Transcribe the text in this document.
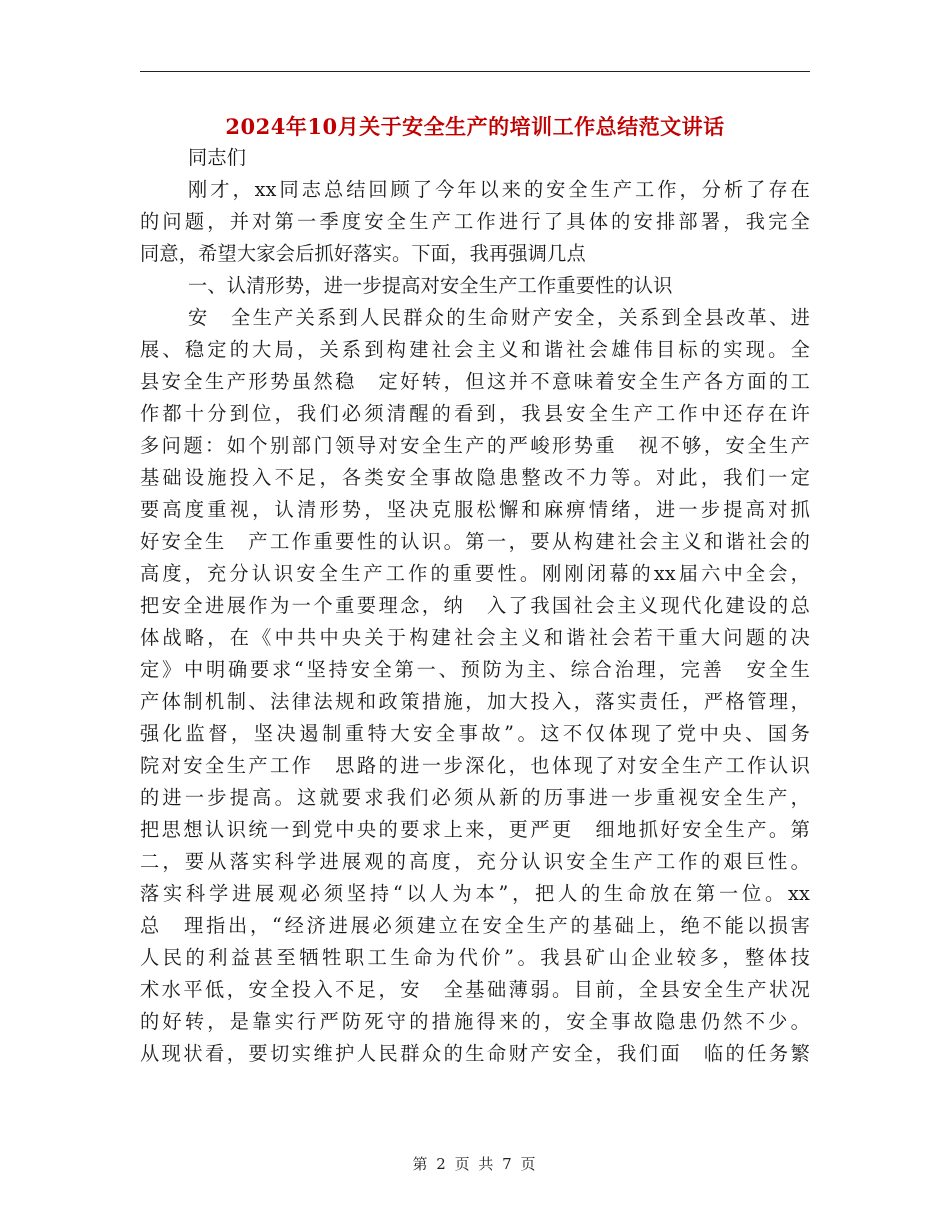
2024年10月关于安全生产的培训工作总结范文讲话
同志们
刚才，xx同志总结回顾了今年以来的安全生产工作，分析了存在
的问题，并对第一季度安全生产工作进行了具体的安排部署，我完全
同意，希望大家会后抓好落实。下面，我再强调几点
一、认清形势，进一步提高对安全生产工作重要性的认识
安　全生产关系到人民群众的生命财产安全，关系到全县改革、进
展、稳定的大局，关系到构建社会主义和谐社会雄伟目标的实现。全
县安全生产形势虽然稳　定好转，但这并不意味着安全生产各方面的工
作都十分到位，我们必须清醒的看到，我县安全生产工作中还存在许
多问题：如个别部门领导对安全生产的严峻形势重　视不够，安全生产
基础设施投入不足，各类安全事故隐患整改不力等。对此，我们一定
要高度重视，认清形势，坚决克服松懈和麻痹情绪，进一步提高对抓
好安全生　产工作重要性的认识。第一，要从构建社会主义和谐社会的
高度，充分认识安全生产工作的重要性。刚刚闭幕的xx届六中全会，
把安全进展作为一个重要理念，纳　入了我国社会主义现代化建设的总
体战略，在《中共中央关于构建社会主义和谐社会若干重大问题的决
定》中明确要求“坚持安全第一、预防为主、综合治理，完善　安全生
产体制机制、法律法规和政策措施，加大投入，落实责任，严格管理，
强化监督，坚决遏制重特大安全事故”。这不仅体现了党中央、国务
院对安全生产工作　思路的进一步深化，也体现了对安全生产工作认识
的进一步提高。这就要求我们必须从新的历事进一步重视安全生产，
把思想认识统一到党中央的要求上来，更严更　细地抓好安全生产。第
二，要从落实科学进展观的高度，充分认识安全生产工作的艰巨性。
落实科学进展观必须坚持“以人为本”，把人的生命放在第一位。xx
总　理指出，“经济进展必须建立在安全生产的基础上，绝不能以损害
人民的利益甚至牺牲职工生命为代价”。我县矿山企业较多，整体技
术水平低，安全投入不足，安　全基础薄弱。目前，全县安全生产状况
的好转，是靠实行严防死守的措施得来的，安全事故隐患仍然不少。
从现状看，要切实维护人民群众的生命财产安全，我们面　临的任务繁
第 2 页 共 7 页
